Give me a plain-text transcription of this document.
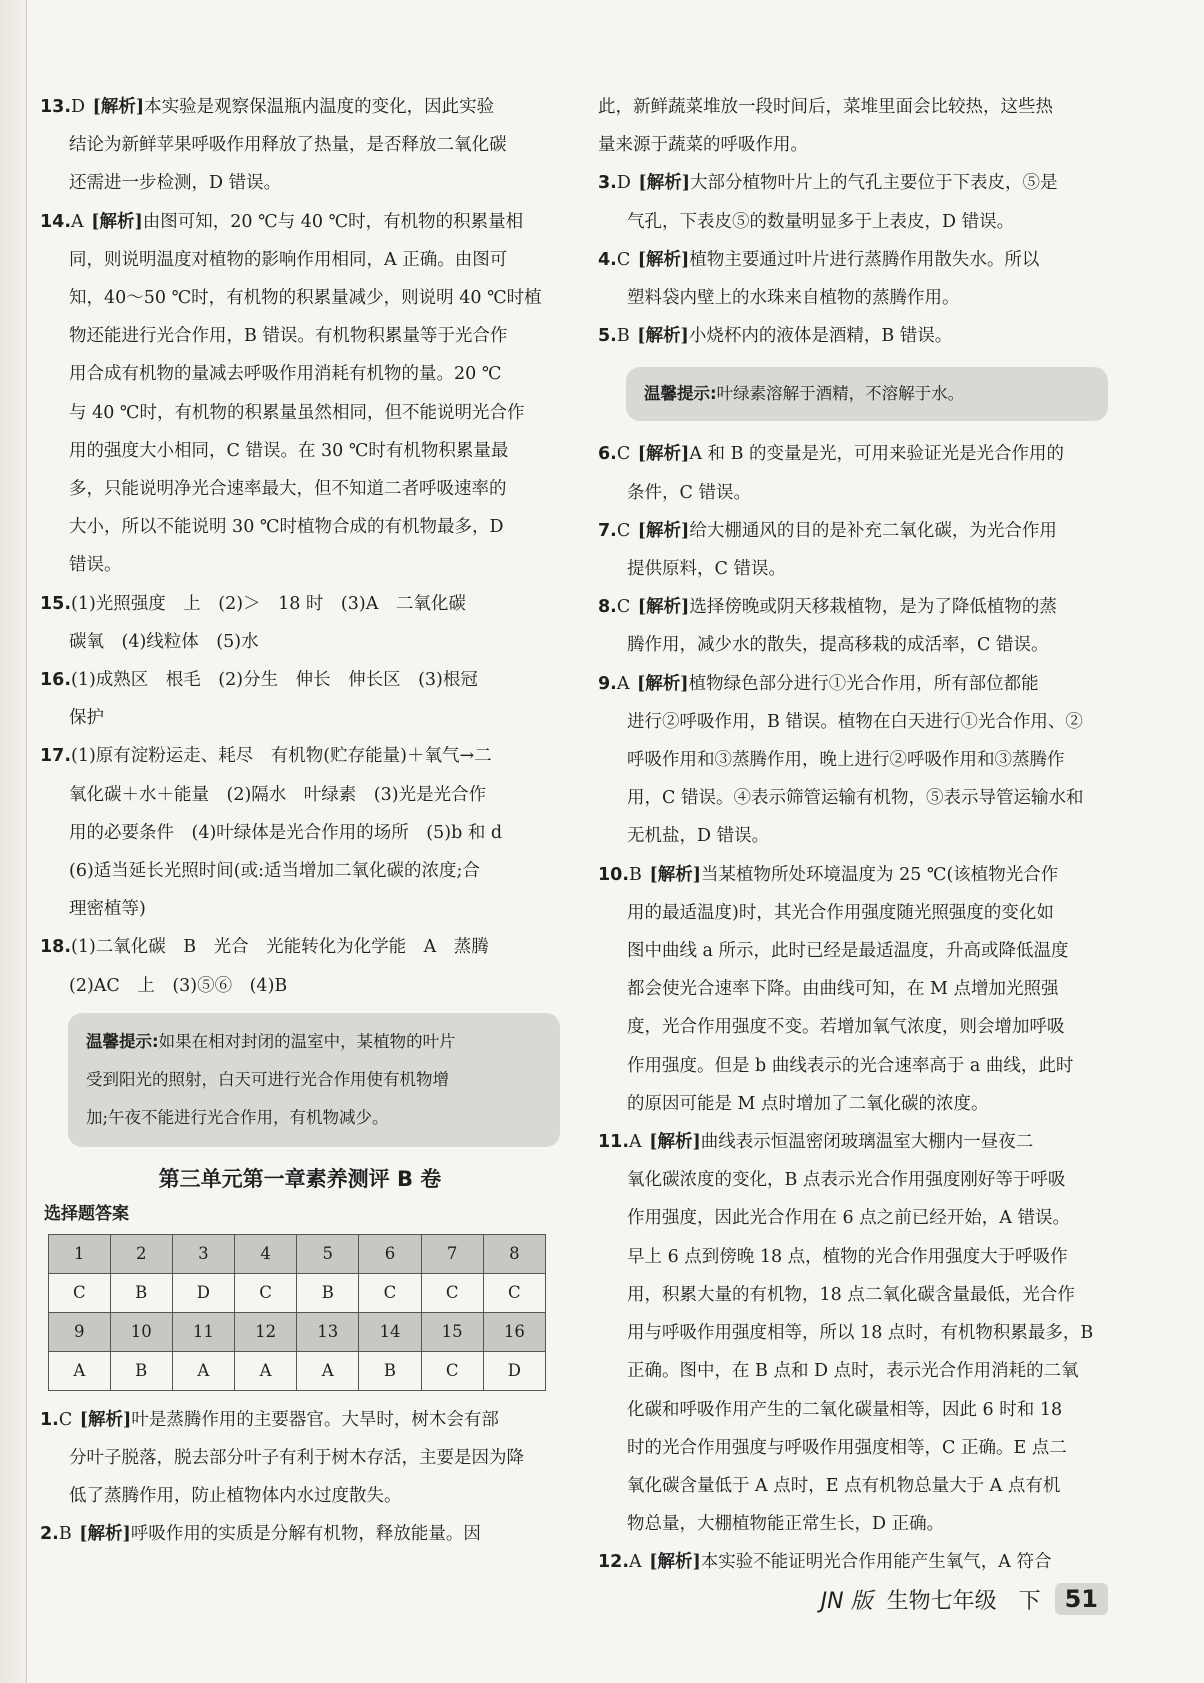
13.D [解析]本实验是观察保温瓶内温度的变化，因此实验
结论为新鲜苹果呼吸作用释放了热量，是否释放二氧化碳
还需进一步检测，D 错误。
14.A [解析]由图可知，20 ℃与 40 ℃时，有机物的积累量相
同，则说明温度对植物的影响作用相同，A 正确。由图可
知，40～50 ℃时，有机物的积累量减少，则说明 40 ℃时植
物还能进行光合作用，B 错误。有机物积累量等于光合作
用合成有机物的量减去呼吸作用消耗有机物的量。20 ℃
与 40 ℃时，有机物的积累量虽然相同，但不能说明光合作
用的强度大小相同，C 错误。在 30 ℃时有机物积累量最
多，只能说明净光合速率最大，但不知道二者呼吸速率的
大小，所以不能说明 30 ℃时植物合成的有机物最多，D
错误。
15.(1)光照强度　上　(2)＞　18 时　(3)A　二氧化碳
碳氧　(4)线粒体　(5)水
16.(1)成熟区　根毛　(2)分生　伸长　伸长区　(3)根冠
保护
17.(1)原有淀粉运走、耗尽　有机物(贮存能量)＋氧气→二
氧化碳＋水＋能量　(2)隔水　叶绿素　(3)光是光合作
用的必要条件　(4)叶绿体是光合作用的场所　(5)b 和 d
(6)适当延长光照时间(或:适当增加二氧化碳的浓度;合
理密植等)
18.(1)二氧化碳　B　光合　光能转化为化学能　A　蒸腾
(2)AC　上　(3)⑤⑥　(4)B
温馨提示:如果在相对封闭的温室中，某植物的叶片
受到阳光的照射，白天可进行光合作用使有机物增
加;午夜不能进行光合作用，有机物减少。
第三单元第一章素养测评 B 卷
选择题答案
1	2	3	4	5	6	7	8
C	B	D	C	B	C	C	C
9	10	11	12	13	14	15	16
A	B	A	A	A	B	C	D
1.C [解析]叶是蒸腾作用的主要器官。大旱时，树木会有部
分叶子脱落，脱去部分叶子有利于树木存活，主要是因为降
低了蒸腾作用，防止植物体内水过度散失。
2.B [解析]呼吸作用的实质是分解有机物，释放能量。因
此，新鲜蔬菜堆放一段时间后，菜堆里面会比较热，这些热
量来源于蔬菜的呼吸作用。
3.D [解析]大部分植物叶片上的气孔主要位于下表皮，⑤是
气孔，下表皮⑤的数量明显多于上表皮，D 错误。
4.C [解析]植物主要通过叶片进行蒸腾作用散失水。所以
塑料袋内壁上的水珠来自植物的蒸腾作用。
5.B [解析]小烧杯内的液体是酒精，B 错误。
温馨提示:叶绿素溶解于酒精，不溶解于水。
6.C [解析]A 和 B 的变量是光，可用来验证光是光合作用的
条件，C 错误。
7.C [解析]给大棚通风的目的是补充二氧化碳，为光合作用
提供原料，C 错误。
8.C [解析]选择傍晚或阴天移栽植物，是为了降低植物的蒸
腾作用，减少水的散失，提高移栽的成活率，C 错误。
9.A [解析]植物绿色部分进行①光合作用，所有部位都能
进行②呼吸作用，B 错误。植物在白天进行①光合作用、②
呼吸作用和③蒸腾作用，晚上进行②呼吸作用和③蒸腾作
用，C 错误。④表示筛管运输有机物，⑤表示导管运输水和
无机盐，D 错误。
10.B [解析]当某植物所处环境温度为 25 ℃(该植物光合作
用的最适温度)时，其光合作用强度随光照强度的变化如
图中曲线 a 所示，此时已经是最适温度，升高或降低温度
都会使光合速率下降。由曲线可知，在 M 点增加光照强
度，光合作用强度不变。若增加氧气浓度，则会增加呼吸
作用强度。但是 b 曲线表示的光合速率高于 a 曲线，此时
的原因可能是 M 点时增加了二氧化碳的浓度。
11.A [解析]曲线表示恒温密闭玻璃温室大棚内一昼夜二
氧化碳浓度的变化，B 点表示光合作用强度刚好等于呼吸
作用强度，因此光合作用在 6 点之前已经开始，A 错误。
早上 6 点到傍晚 18 点，植物的光合作用强度大于呼吸作
用，积累大量的有机物，18 点二氧化碳含量最低，光合作
用与呼吸作用强度相等，所以 18 点时，有机物积累最多，B
正确。图中，在 B 点和 D 点时，表示光合作用消耗的二氧
化碳和呼吸作用产生的二氧化碳量相等，因此 6 时和 18
时的光合作用强度与呼吸作用强度相等，C 正确。E 点二
氧化碳含量低于 A 点时，E 点有机物总量大于 A 点有机
物总量，大棚植物能正常生长，D 正确。
12.A [解析]本实验不能证明光合作用能产生氧气，A 符合
JN 版 生物七年级　下	51
